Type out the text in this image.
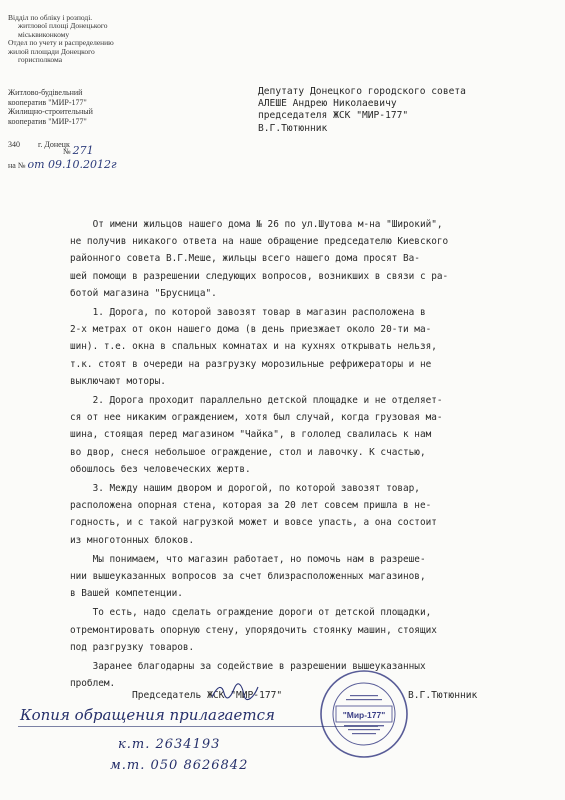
Відділ по обліку і розподі.
житлової площі Донецького
міськвиконкому
Отдел по учету и распределению
жилой площади Донецкого
горисполкома
Житлово-будівельний
кооператив "МИР-177"
Жилищно-строительный
кооператив "МИР-177"
340 г. Донецк
№ 271
на № от 09.10.2012г
Депутату Донецкого городского совета
АЛЕШЕ Андрею Николаевичу
председателя ЖСК "МИР-177"
В.Г.Тютюнник

От имени жильцов нашего дома № 26 по ул.Шутова м-на "Широкий",

не получив никакого ответа на наше обращение председателю Киевского

районного совета В.Г.Меше, жильцы всего нашего дома просят Ва-

шей помощи в разрешении следующих вопросов, возникших в связи с ра-

ботой магазина "Брусница".

1. Дорога, по которой завозят товар в магазин расположена в

2-х метрах от окон нашего дома (в день приезжает около 20-ти ма-

шин). т.е. окна в спальных комнатах и на кухнях открывать нельзя,

т.к. стоят в очереди на разгрузку морозильные рефрижераторы и не

выключают моторы.

2. Дорога проходит параллельно детской площадке и не отделяет-

ся от нее никаким ограждением, хотя был случай, когда грузовая ма-

шина, стоящая перед магазином "Чайка", в гололед свалилась к нам

во двор, снеся небольшое ограждение, стол и лавочку. К счастью,

обошлось без человеческих жертв.

3. Между нашим двором и дорогой, по которой завозят товар,

расположена опорная стена, которая за 20 лет совсем пришла в не-

годность, и с такой нагрузкой может и вовсе упасть, а она состоит

из многотонных блоков.

Мы понимаем, что магазин работает, но помочь нам в разреше-

нии вышеуказанных вопросов за счет близрасположенных магазинов,

в Вашей компетенции.

То есть, надо сделать ограждение дороги от детской площадки,

отремонтировать опорную стену, упорядочить стоянку машин, стоящих

под разгрузку товаров.

Заранее благодарны за содействие в разрешении вышеуказанных

проблем.

Председатель ЖСК "МИР-177"	В.Г.Тютюнник
"Мир-177"
Копия обращения прилагается
к.т. 2634193
м.т. 050 8626842
